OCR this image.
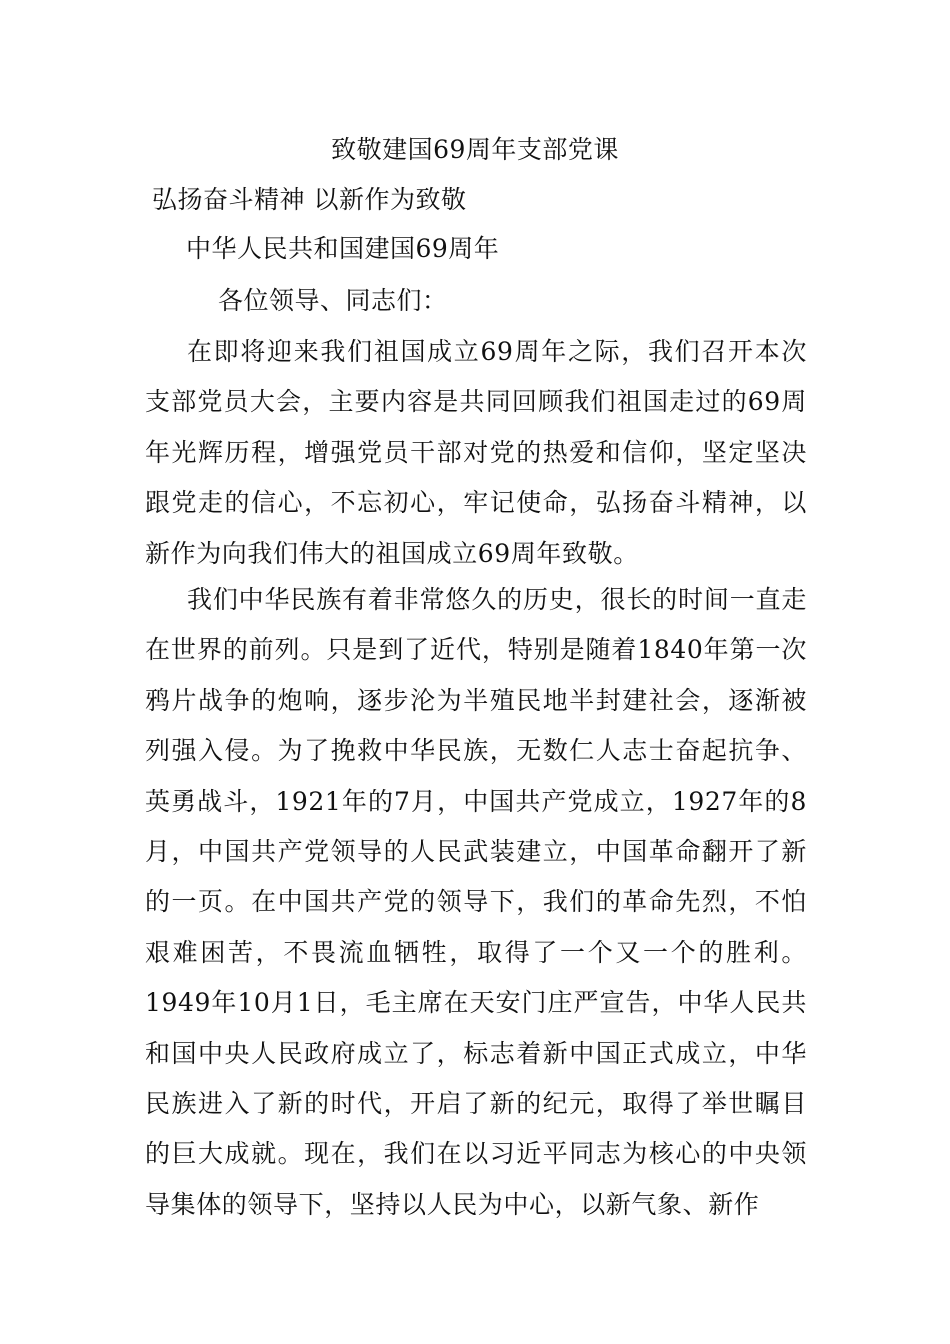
致敬建国69周年支部党课
弘扬奋斗精神 以新作为致敬
中华人民共和国建国69周年
各位领导、同志们：

在即将迎来我们祖国成立69周年之际，我们召开本次支部党员大会，主要内容是共同回顾我们祖国走过的69周年光辉历程，增强党员干部对党的热爱和信仰，坚定坚决跟党走的信心，不忘初心，牢记使命，弘扬奋斗精神，以新作为向我们伟大的祖国成立69周年致敬。

我们中华民族有着非常悠久的历史，很长的时间一直走在世界的前列。只是到了近代，特别是随着1840年第一次鸦片战争的炮响，逐步沦为半殖民地半封建社会，逐渐被列强入侵。为了挽救中华民族，无数仁人志士奋起抗争、英勇战斗，1921年的7月，中国共产党成立，1927年的8月，中国共产党领导的人民武装建立，中国革命翻开了新的一页。在中国共产党的领导下，我们的革命先烈，不怕艰难困苦，不畏流血牺牲，取得了一个又一个的胜利。1949年10月1日，毛主席在天安门庄严宣告，中华人民共和国中央人民政府成立了，标志着新中国正式成立，中华民族进入了新的时代，开启了新的纪元，取得了举世瞩目的巨大成就。现在，我们在以习近平同志为核心的中央领导集体的领导下，坚持以人民为中心，以新气象、新作
